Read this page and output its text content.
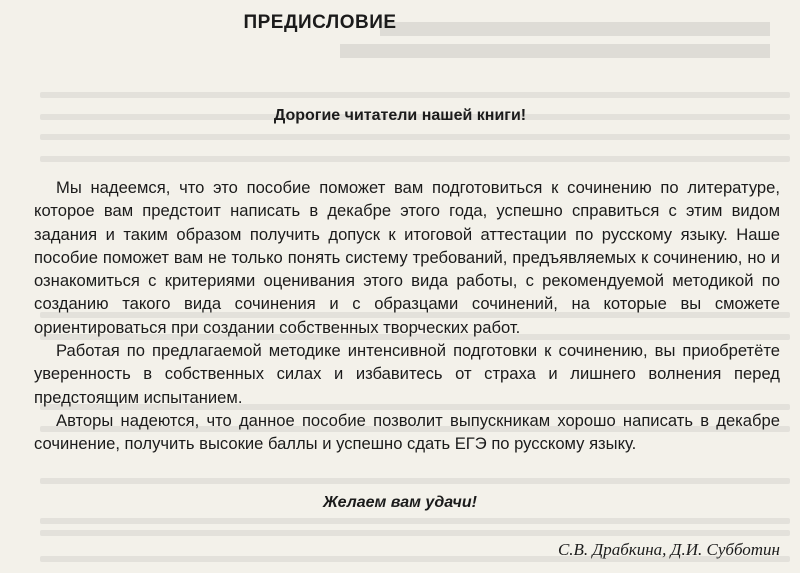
ПРЕДИСЛОВИЕ
Дорогие читатели нашей книги!

Мы надеемся, что это пособие поможет вам подготовиться к сочинению по литературе, которое вам предстоит написать в декабре этого года, успешно справиться с этим видом задания и таким образом получить допуск к итоговой аттестации по русскому языку. Наше пособие поможет вам не только понять систему требований, предъявляемых к сочинению, но и ознакомиться с критериями оценивания этого вида работы, с рекомендуемой методикой по созданию такого вида сочинения и с образцами сочинений, на которые вы сможете ориентироваться при создании собственных творческих работ.

Работая по предлагаемой методике интенсивной подготовки к сочинению, вы приобретёте уверенность в собственных силах и избавитесь от страха и лишнего волнения перед предстоящим испытанием.

Авторы надеются, что данное пособие позволит выпускникам хорошо написать в декабре сочинение, получить высокие баллы и успешно сдать ЕГЭ по русскому языку.

Желаем вам удачи!
С.В. Драбкина, Д.И. Субботин
